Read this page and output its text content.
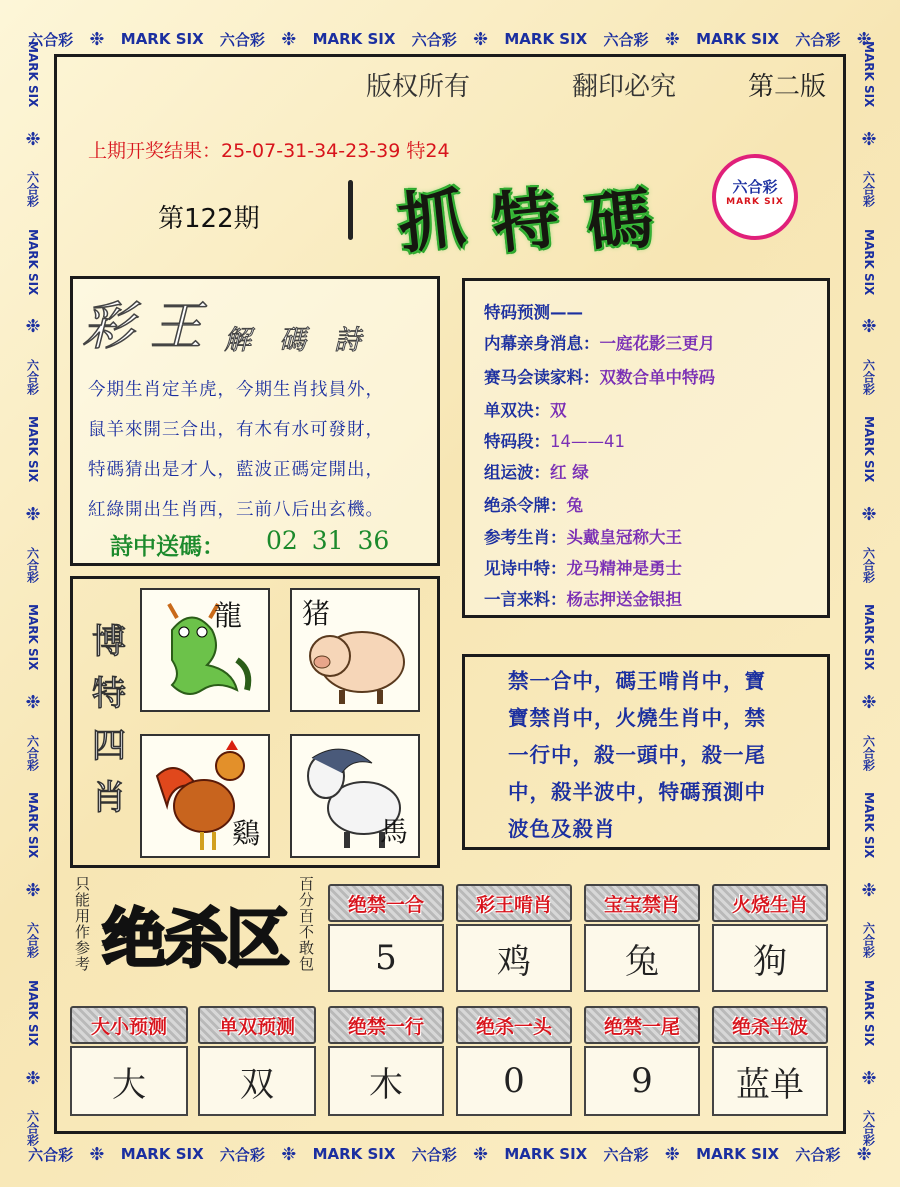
六合彩 ❉ MARK SIX 六合彩 ❉ MARK SIX 六合彩 ❉ MARK SIX 六合彩 ❉ MARK SIX 六合彩 ❉
六合彩 ❉ MARK SIX 六合彩 ❉ MARK SIX 六合彩 ❉ MARK SIX 六合彩 ❉ MARK SIX 六合彩 ❉
MARK SIX
❉
六合彩
MARK SIX
❉
六合彩
MARK SIX
❉
六合彩
MARK SIX
❉
六合彩
MARK SIX
❉
六合彩
MARK SIX
❉
六合彩
MARK SIX
❉
六合彩
MARK SIX
❉
六合彩
MARK SIX
❉
六合彩
MARK SIX
❉
六合彩
MARK SIX
❉
六合彩
MARK SIX
❉
六合彩
版权所有	翻印必究	第二版
上期开奖结果：25-07-31-34-23-39 特24
第122期 抓 特 碼	六合彩
MARK SIX
彩王 解碼詩
今期生肖定羊虎，今期生肖找員外，
鼠羊來開三合出，有木有水可發財，
特碼猜出是才人，藍波正碼定開出，
紅綠開出生肖西，三前八后出玄機。
詩中送碼： 02 31 36
特码预测——
内幕亲身消息：一庭花影三更月
赛马会读家料：双数合单中特码
单双决：双
特码段：14——41
组运波：红 绿
绝杀令牌：兔
参考生肖：头戴皇冠称大王
见诗中特：龙马精神是勇士
一言来料：杨志押送金银担
博
特
四
肖
龍 猪
鷄	馬
禁一合中，碼王啃肖中，寶
寶禁肖中，火燒生肖中，禁
一行中，殺一頭中，殺一尾
中，殺半波中，特碼預測中
波色及殺肖
只能用作参考 绝杀区 百分百不敢包	绝禁一合	彩王啃肖	宝宝禁肖	火烧生肖
5	鸡	兔	狗
大小预测	单双预测	绝禁一行	绝杀一头	绝禁一尾	绝杀半波
大	双	木	0	9	蓝单
